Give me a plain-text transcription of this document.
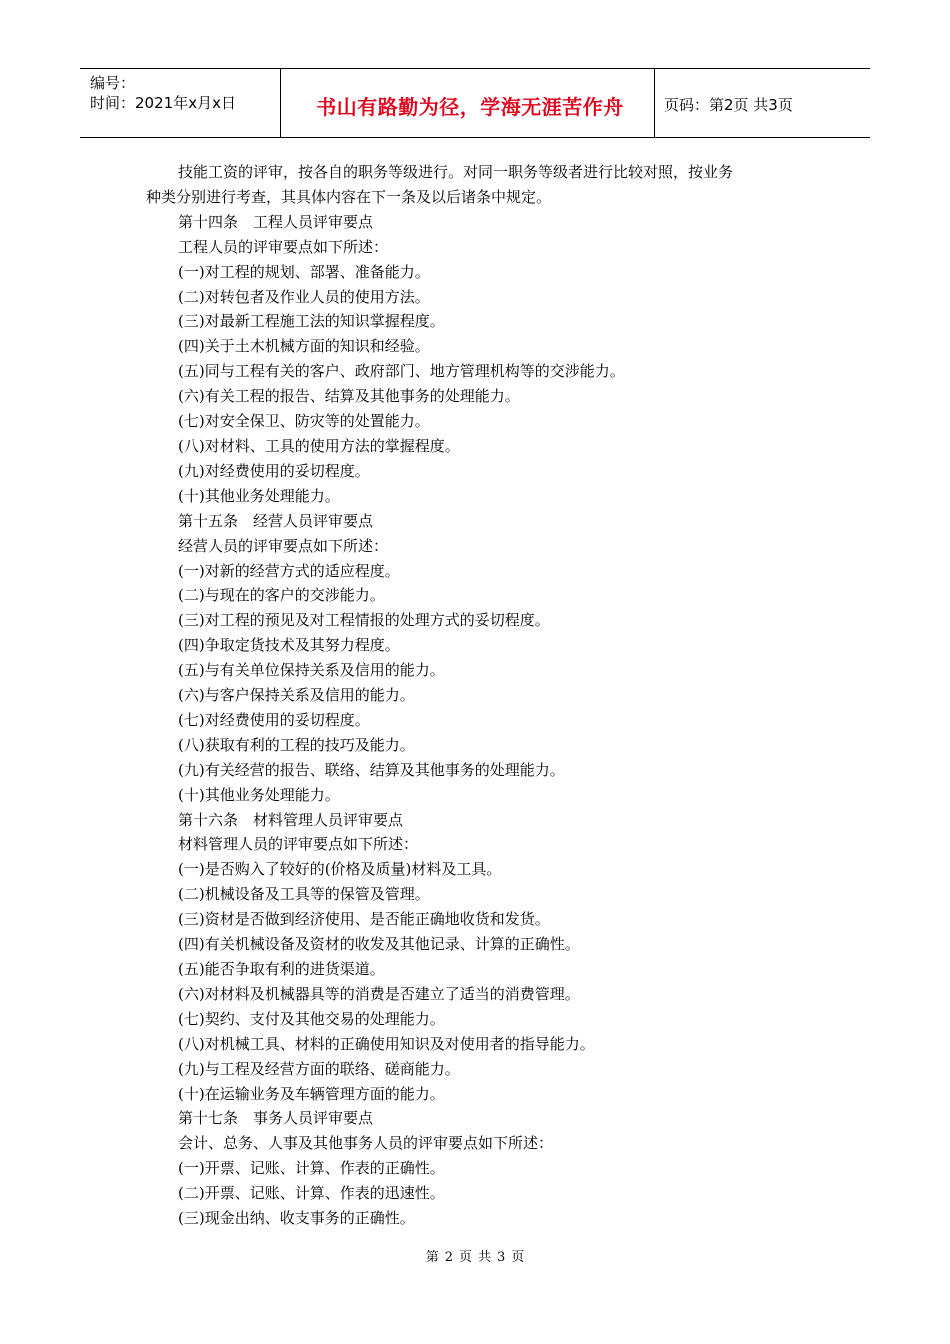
编号：
时间：2021年x月x日	书山有路勤为径，学海无涯苦作舟	页码：第2页 共3页
技能工资的评审，按各自的职务等级进行。对同一职务等级者进行比较对照，按业务
种类分别进行考查，其具体内容在下一条及以后诸条中规定。
第十四条　工程人员评审要点
工程人员的评审要点如下所述：
(一)对工程的规划、部署、准备能力。
(二)对转包者及作业人员的使用方法。
(三)对最新工程施工法的知识掌握程度。
(四)关于土木机械方面的知识和经验。
(五)同与工程有关的客户、政府部门、地方管理机构等的交涉能力。
(六)有关工程的报告、结算及其他事务的处理能力。
(七)对安全保卫、防灾等的处置能力。
(八)对材料、工具的使用方法的掌握程度。
(九)对经费使用的妥切程度。
(十)其他业务处理能力。
第十五条　经营人员评审要点
经营人员的评审要点如下所述：
(一)对新的经营方式的适应程度。
(二)与现在的客户的交涉能力。
(三)对工程的预见及对工程情报的处理方式的妥切程度。
(四)争取定货技术及其努力程度。
(五)与有关单位保持关系及信用的能力。
(六)与客户保持关系及信用的能力。
(七)对经费使用的妥切程度。
(八)获取有利的工程的技巧及能力。
(九)有关经营的报告、联络、结算及其他事务的处理能力。
(十)其他业务处理能力。
第十六条　材料管理人员评审要点
材料管理人员的评审要点如下所述：
(一)是否购入了较好的(价格及质量)材料及工具。
(二)机械设备及工具等的保管及管理。
(三)资材是否做到经济使用、是否能正确地收货和发货。
(四)有关机械设备及资材的收发及其他记录、计算的正确性。
(五)能否争取有利的进货渠道。
(六)对材料及机械器具等的消费是否建立了适当的消费管理。
(七)契约、支付及其他交易的处理能力。
(八)对机械工具、材料的正确使用知识及对使用者的指导能力。
(九)与工程及经营方面的联络、磋商能力。
(十)在运输业务及车辆管理方面的能力。
第十七条　事务人员评审要点
会计、总务、人事及其他事务人员的评审要点如下所述：
(一)开票、记账、计算、作表的正确性。
(二)开票、记账、计算、作表的迅速性。
(三)现金出纳、收支事务的正确性。
第 2 页 共 3 页
